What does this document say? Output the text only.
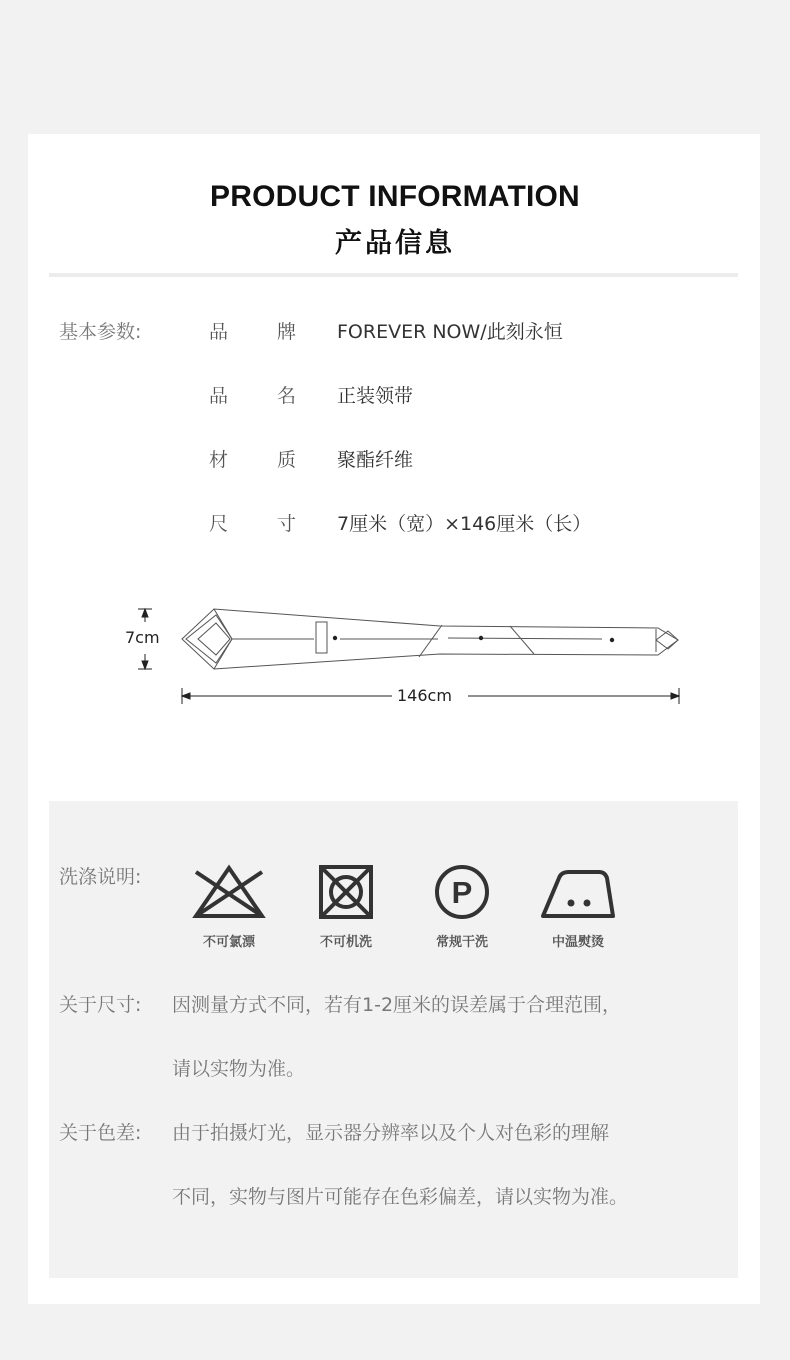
PRODUCT INFORMATION
产品信息
基本参数:	品	牌 FOREVER NOW/此刻永恒
品	名 正装领带
材	质 聚酯纤维
尺	寸 7厘米（宽）×146厘米（长）
7cm
146cm
洗涤说明:
不可氯漂	不可机洗
P
常规干洗	中温熨烫
关于尺寸: 因测量方式不同，若有1-2厘米的误差属于合理范围，
请以实物为准。
关于色差: 由于拍摄灯光，显示器分辨率以及个人对色彩的理解
不同，实物与图片可能存在色彩偏差，请以实物为准。
